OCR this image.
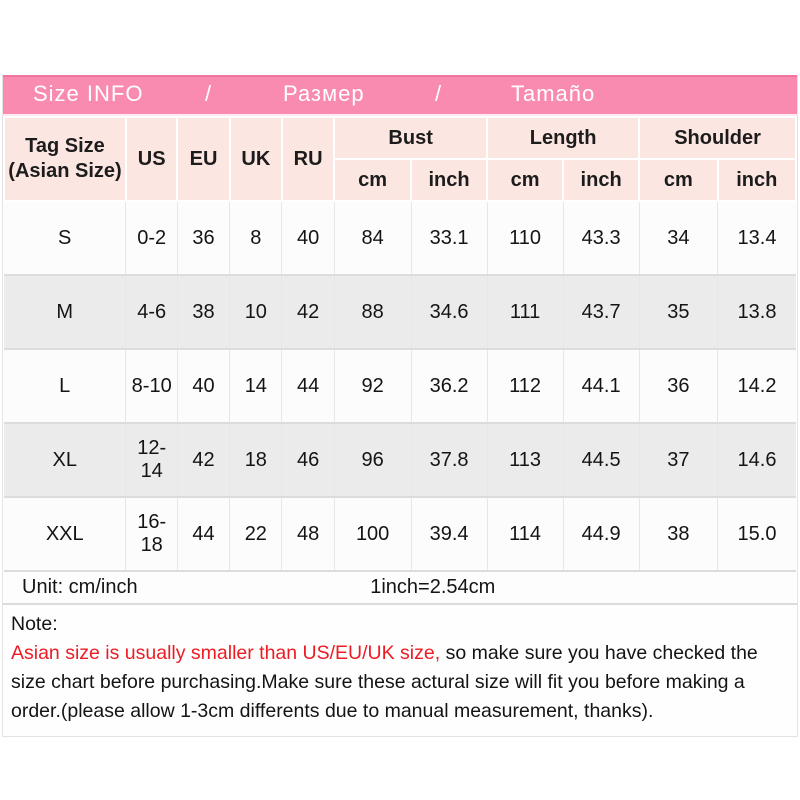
Size INFO	/	Размер	/	Tamaño
Tag Size
(Asian Size)	US	EU	UK	RU	Bust		Length		Shoulder	
					cm	inch	cm	inch	cm	inch
S	0-2	36	8	40	84	33.1	110	43.3	34	13.4
M	4-6	38	10	42	88	34.6	111	43.7	35	13.8
L	8-10	40	14	44	92	36.2	112	44.1	36	14.2
XL	12-14	42	18	46	96	37.8	113	44.5	37	14.6
XXL	16-18	44	22	48	100	39.4	114	44.9	38	15.0
Unit: cm/inch					1inch=2.54cm					
Note:

Asian size is usually smaller than US/EU/UK size, so make sure you have checked the size chart before purchasing.Make sure these actural size will fit you before making a order.(please allow 1-3cm differents due to manual measurement, thanks).
